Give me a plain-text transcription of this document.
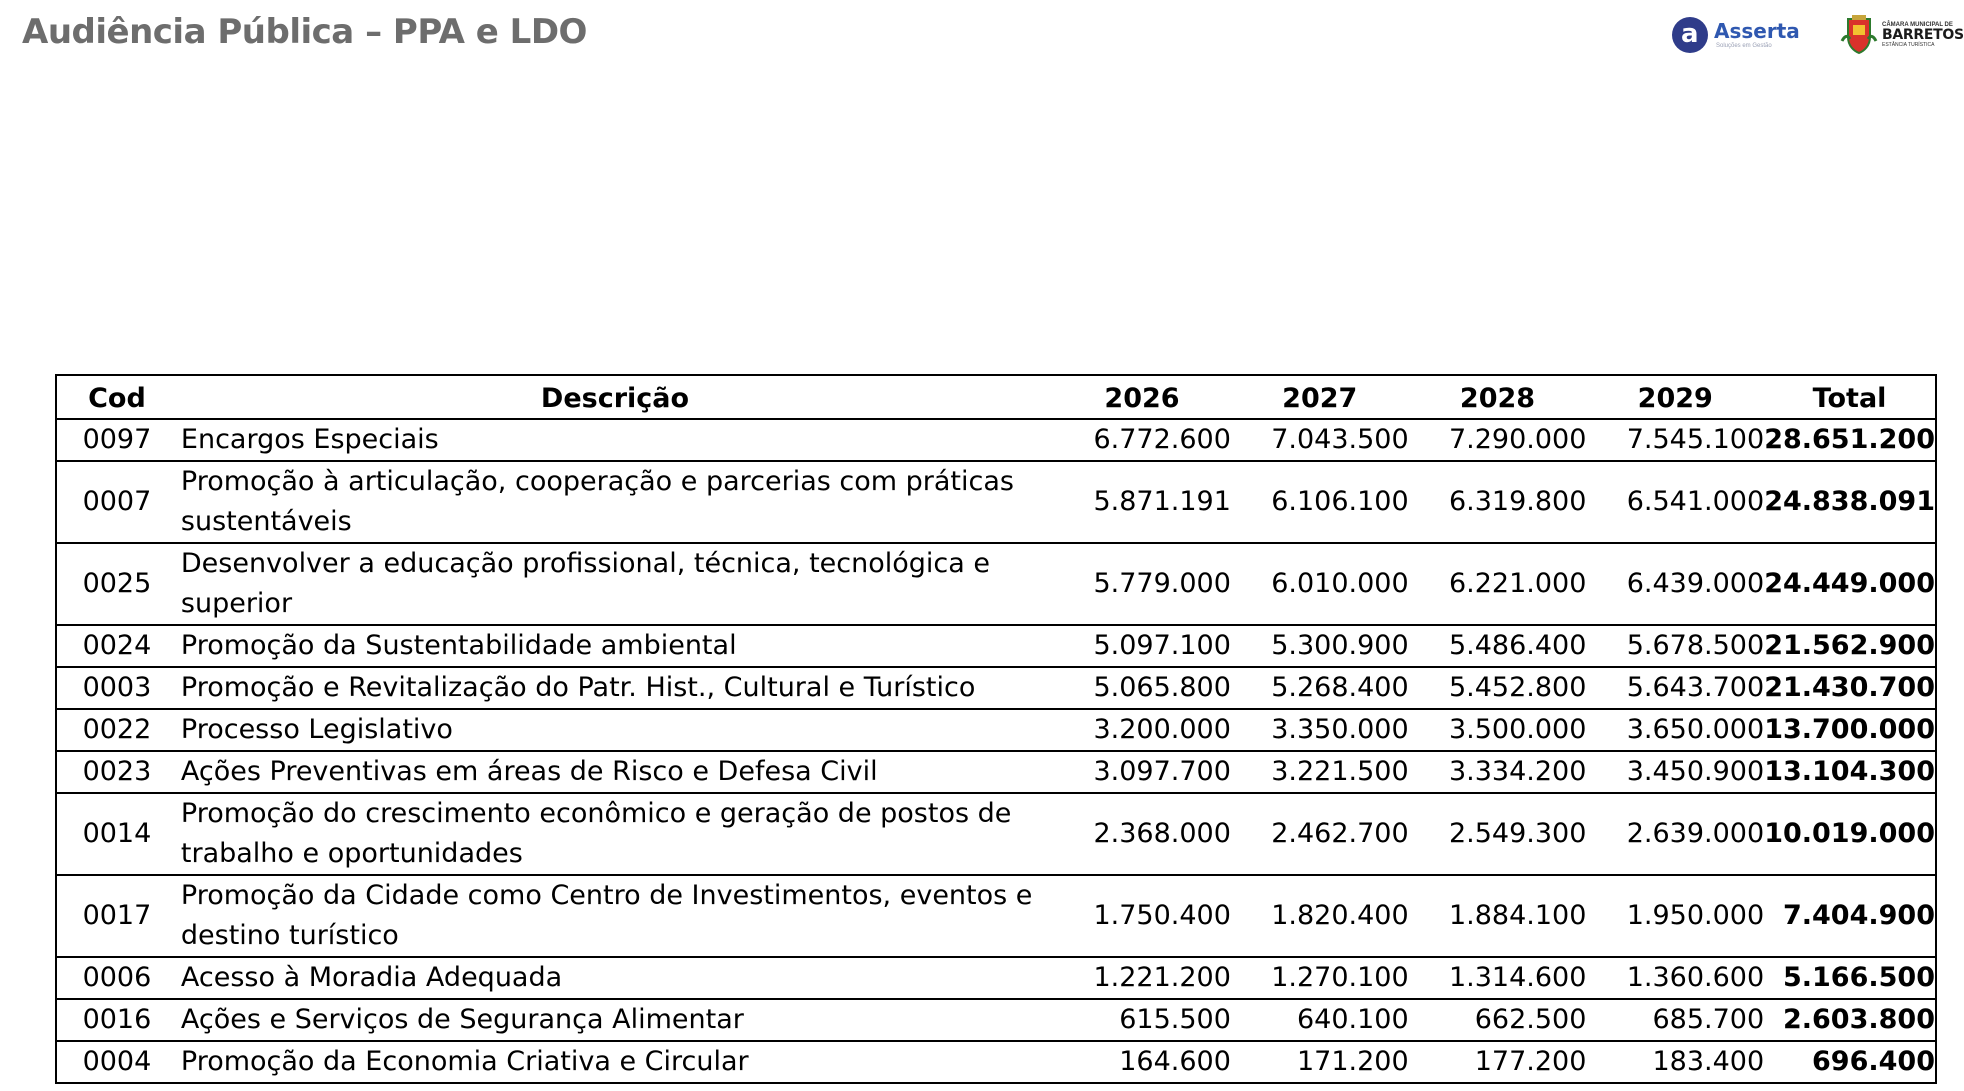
Audiência Pública – PPA e LDO a	Asserta
Soluções em Gestão
CÂMARA MUNICIPAL DE
BARRETOS
ESTÂNCIA TURÍSTICA
Cod	Descrição	2026	2027	2028	2029	Total
0097	Encargos Especiais	6.772.600	7.043.500	7.290.000	7.545.100	28.651.200
0007	Promoção à articulação, cooperação e parcerias com práticas sustentáveis	5.871.191	6.106.100	6.319.800	6.541.000	24.838.091
0025	Desenvolver a educação profissional, técnica, tecnológica e superior	5.779.000	6.010.000	6.221.000	6.439.000	24.449.000
0024	Promoção da Sustentabilidade ambiental	5.097.100	5.300.900	5.486.400	5.678.500	21.562.900
0003	Promoção e Revitalização do Patr. Hist., Cultural e Turístico	5.065.800	5.268.400	5.452.800	5.643.700	21.430.700
0022	Processo Legislativo	3.200.000	3.350.000	3.500.000	3.650.000	13.700.000
0023	Ações Preventivas em áreas de Risco e Defesa Civil	3.097.700	3.221.500	3.334.200	3.450.900	13.104.300
0014	Promoção do crescimento econômico e geração de postos de trabalho e oportunidades	2.368.000	2.462.700	2.549.300	2.639.000	10.019.000
0017	Promoção da Cidade como Centro de Investimentos, eventos e destino turístico	1.750.400	1.820.400	1.884.100	1.950.000	7.404.900
0006	Acesso à Moradia Adequada	1.221.200	1.270.100	1.314.600	1.360.600	5.166.500
0016	Ações e Serviços de Segurança Alimentar	615.500	640.100	662.500	685.700	2.603.800
0004	Promoção da Economia Criativa e Circular	164.600	171.200	177.200	183.400	696.400
